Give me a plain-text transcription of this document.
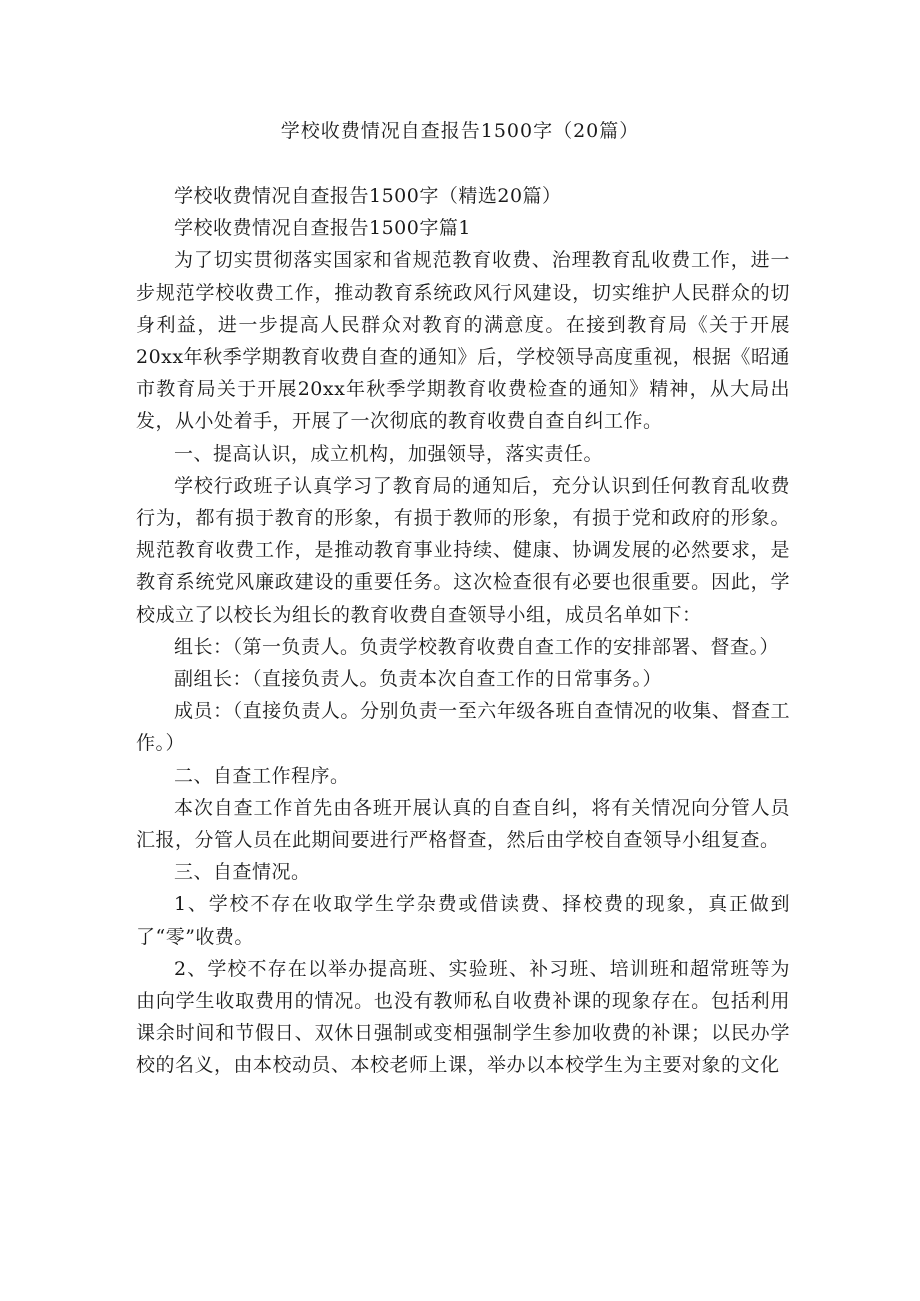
学校收费情况自查报告1500字（20篇）

学校收费情况自查报告1500字（精选20篇）

学校收费情况自查报告1500字篇1

为了切实贯彻落实国家和省规范教育收费、治理教育乱收费工作，进一步规范学校收费工作，推动教育系统政风行风建设，切实维护人民群众的切身利益，进一步提高人民群众对教育的满意度。在接到教育局《关于开展20xx年秋季学期教育收费自查的通知》后，学校领导高度重视，根据《昭通市教育局关于开展20xx年秋季学期教育收费检查的通知》精神，从大局出发，从小处着手，开展了一次彻底的教育收费自查自纠工作。

一、提高认识，成立机构，加强领导，落实责任。

学校行政班子认真学习了教育局的通知后，充分认识到任何教育乱收费行为，都有损于教育的形象，有损于教师的形象，有损于党和政府的形象。规范教育收费工作，是推动教育事业持续、健康、协调发展的必然要求，是教育系统党风廉政建设的重要任务。这次检查很有必要也很重要。因此，学校成立了以校长为组长的教育收费自查领导小组，成员名单如下：

组长：（第一负责人。负责学校教育收费自查工作的安排部署、督查。）

副组长：（直接负责人。负责本次自查工作的日常事务。）

成员：（直接负责人。分别负责一至六年级各班自查情况的收集、督查工作。）

二、自查工作程序。

本次自查工作首先由各班开展认真的自查自纠，将有关情况向分管人员汇报，分管人员在此期间要进行严格督查，然后由学校自查领导小组复查。

三、自查情况。

1、学校不存在收取学生学杂费或借读费、择校费的现象，真正做到了“零”收费。

2、学校不存在以举办提高班、实验班、补习班、培训班和超常班等为由向学生收取费用的情况。也没有教师私自收费补课的现象存在。包括利用课余时间和节假日、双休日强制或变相强制学生参加收费的补课；以民办学校的名义，由本校动员、本校老师上课，举办以本校学生为主要对象的文化
